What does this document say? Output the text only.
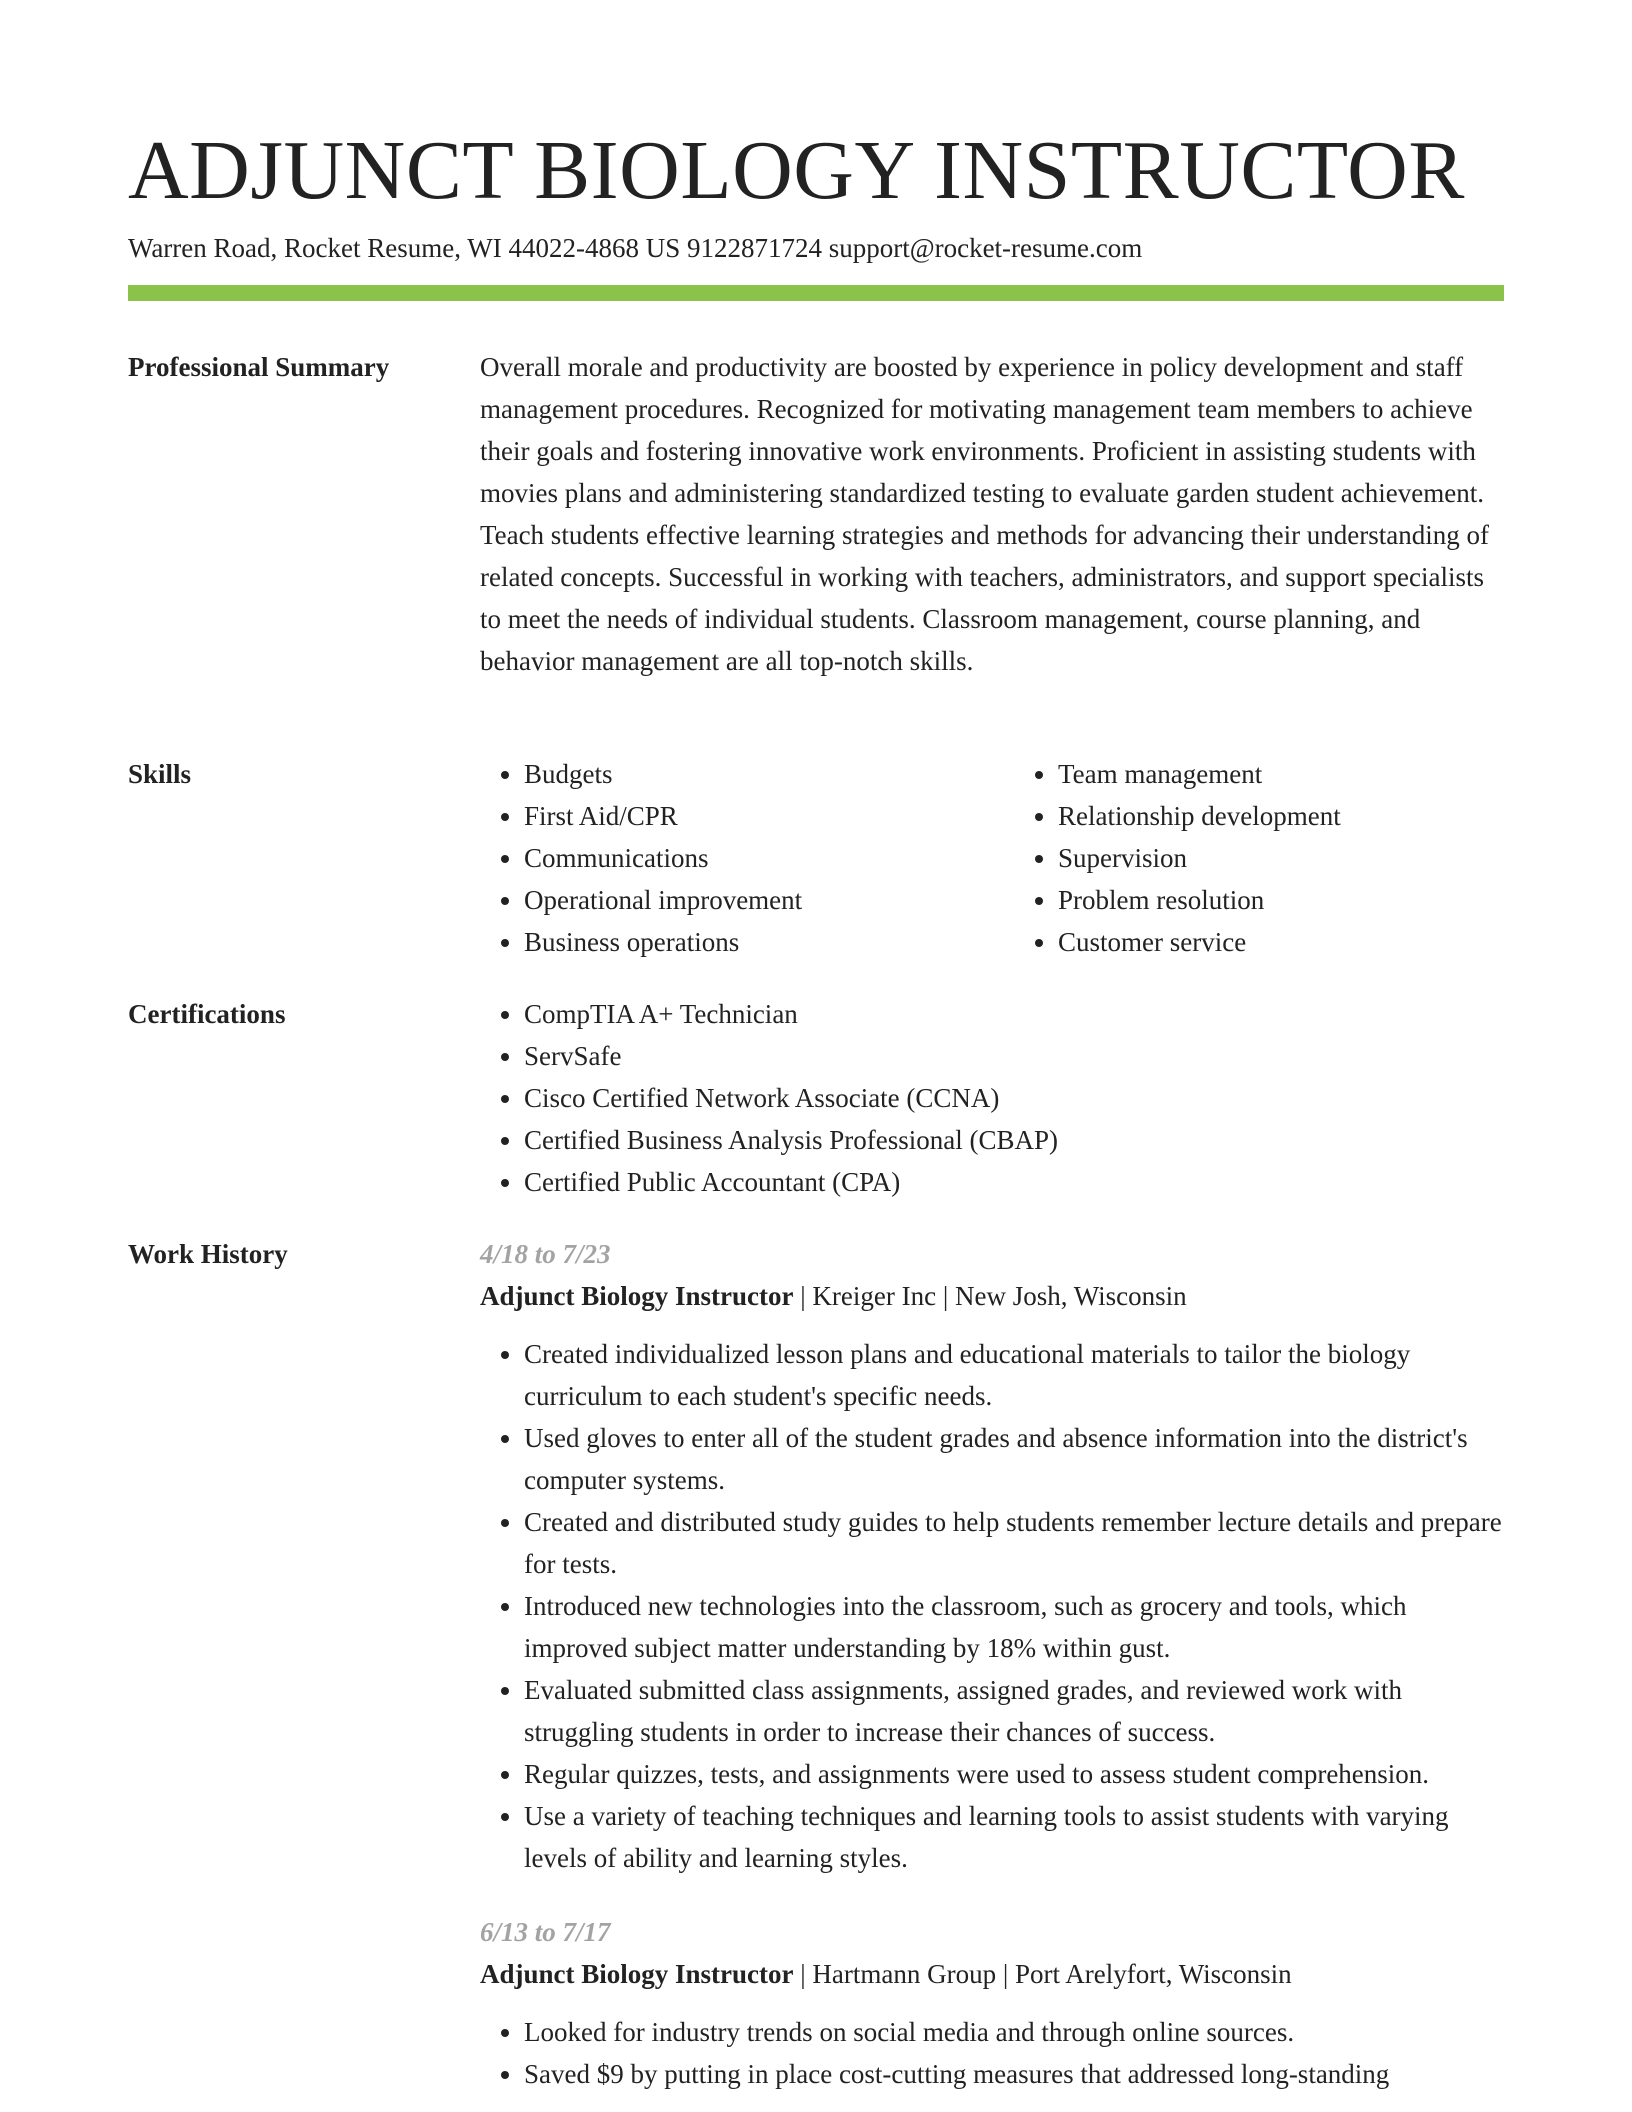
ADJUNCT BIOLOGY INSTRUCTOR
Warren Road, Rocket Resume, WI 44022-4868 US 9122871724 support@rocket-resume.com
Professional Summary	Overall morale and productivity are boosted by experience in policy development and staff management procedures. Recognized for motivating management team members to achieve their goals and fostering innovative work environments. Proficient in assisting students with movies plans and administering standardized testing to evaluate garden student achievement. Teach students effective learning strategies and methods for advancing their understanding of related concepts. Successful in working with teachers, administrators, and support specialists to meet the needs of individual students. Classroom management, course planning, and behavior management are all top-notch skills.

Skills	• Budgets
• First Aid/CPR
• Communications
• Operational improvement
• Business operations
• Team management
• Relationship development
• Supervision
• Problem resolution
• Customer service
Certifications	• CompTIA A+ Technician
• ServSafe
• Cisco Certified Network Associate (CCNA)
• Certified Business Analysis Professional (CBAP)
• Certified Public Accountant (CPA)
Work History	4/18 to 7/23
Adjunct Biology Instructor | Kreiger Inc | New Josh, Wisconsin
• Created individualized lesson plans and educational materials to tailor the biology curriculum to each student's specific needs.
• Used gloves to enter all of the student grades and absence information into the district's computer systems.
• Created and distributed study guides to help students remember lecture details and prepare for tests.
• Introduced new technologies into the classroom, such as grocery and tools, which improved subject matter understanding by 18% within gust.
• Evaluated submitted class assignments, assigned grades, and reviewed work with struggling students in order to increase their chances of success.
• Regular quizzes, tests, and assignments were used to assess student comprehension.
• Use a variety of teaching techniques and learning tools to assist students with varying levels of ability and learning styles.
6/13 to 7/17
Adjunct Biology Instructor | Hartmann Group | Port Arelyfort, Wisconsin
• Looked for industry trends on social media and through online sources.
• Saved $9 by putting in place cost-cutting measures that addressed long-standing
